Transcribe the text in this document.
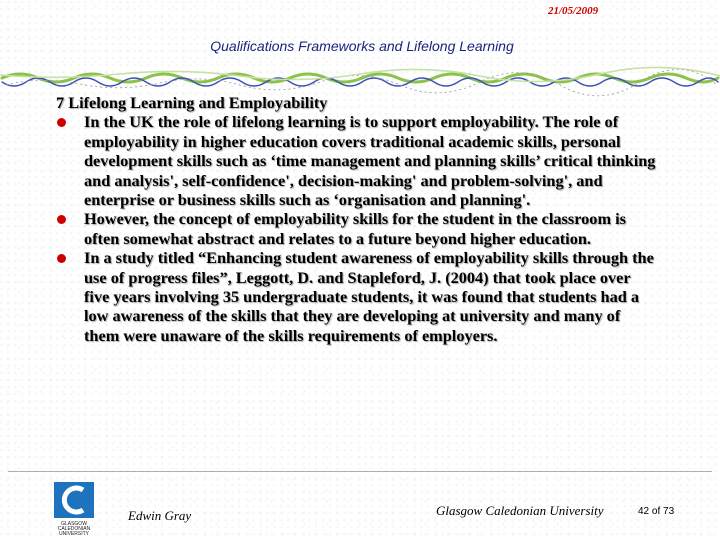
21/05/2009
Qualifications Frameworks and Lifelong Learning

7 Lifelong Learning and Employability

In the UK the role of lifelong learning is to support employability. The role of employability in higher education covers traditional academic skills, personal development skills such as ‘time management and planning skills’ critical thinking and analysis', self-confidence', decision-making' and problem-solving', and enterprise or business skills such as ‘organisation and planning'.
However, the concept of employability skills for the student in the classroom is often somewhat abstract and relates to a future beyond higher education.
In a study titled “Enhancing student awareness of employability skills through the use of progress files”, Leggott, D. and Stapleford, J. (2004) that took place over five years involving 35 undergraduate students, it was found that students had a low awareness of the skills that they are developing at university and many of them were unaware of the skills requirements of employers.
GLASGOW
CALEDONIAN
UNIVERSITY
Edwin Gray	Glasgow Caledonian University	42 of 73
